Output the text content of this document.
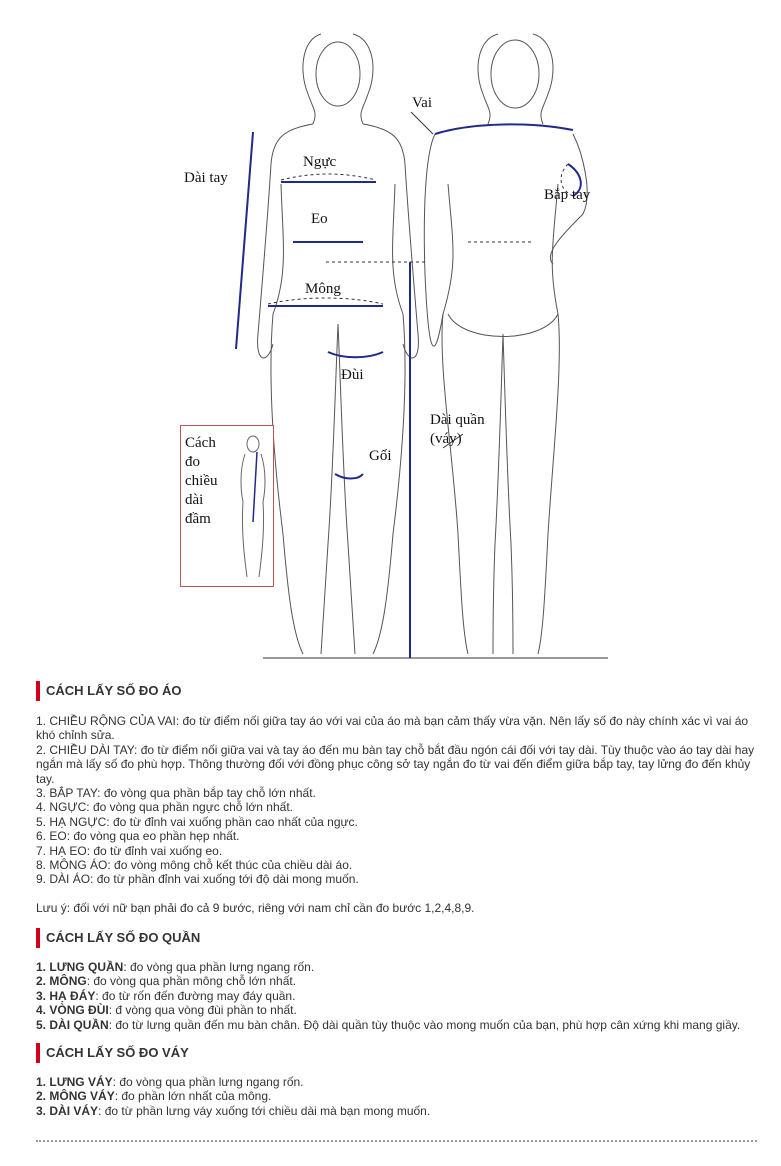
Dài tay
Ngực
Eo
Mông
Đùi
Gối
Vai
Bắp tay
Dài quần
(váy)
Cách
đo
chiều
dài
đầm
CÁCH LẤY SỐ ĐO ÁO
1. CHIỀU RỘNG CỦA VAI: đo từ điểm nối giữa tay áo với vai của áo mà bạn cảm thấy vừa vặn. Nên lấy số đo này chính xác vì vai áo khó chỉnh sửa.
2. CHIỀU DÀI TAY: đo từ điểm nối giữa vai và tay áo đến mu bàn tay chỗ bắt đầu ngón cái đối với tay dài. Tùy thuộc vào áo tay dài hay ngắn mà lấy số đo phù hợp. Thông thường đối với đồng phục công sở tay ngắn đo từ vai đến điểm giữa bắp tay, tay lửng đo đến khủy tay.
3. BẮP TAY: đo vòng qua phần bắp tay chỗ lớn nhất.
4. NGỰC: đo vòng qua phần ngực chỗ lớn nhất.
5. HẠ NGỰC: đo từ đỉnh vai xuống phần cao nhất của ngực.
6. EO: đo vòng qua eo phần hẹp nhất.
7. HẠ EO: đo từ đỉnh vai xuống eo.
8. MÔNG ÁO: đo vòng mông chỗ kết thúc của chiều dài áo.
9. DÀI ÁO: đo từ phần đỉnh vai xuống tới độ dài mong muốn.
Lưu ý: đối với nữ bạn phải đo cả 9 bước, riêng với nam chỉ cần đo bước 1,2,4,8,9.
CÁCH LẤY SỐ ĐO QUẦN
1. LƯNG QUẦN: đo vòng qua phần lưng ngang rốn.
2. MÔNG: đo vòng qua phần mông chỗ lớn nhất.
3. HẠ ĐÁY: đo từ rốn đến đường may đáy quần.
4. VÒNG ĐÙI: đ vòng qua vòng đùi phần to nhất.
5. DÀI QUẦN: đo từ lưng quần đến mu bàn chân. Độ dài quần tùy thuộc vào mong muốn của bạn, phù hợp cân xứng khi mang giầy.
CÁCH LẤY SỐ ĐO VÁY
1. LƯNG VÁY: đo vòng qua phần lưng ngang rốn.
2. MÔNG VÁY: đo phần lớn nhất của mông.
3. DÀI VÁY: đo từ phần lưng váy xuống tới chiều dài mà bạn mong muốn.
